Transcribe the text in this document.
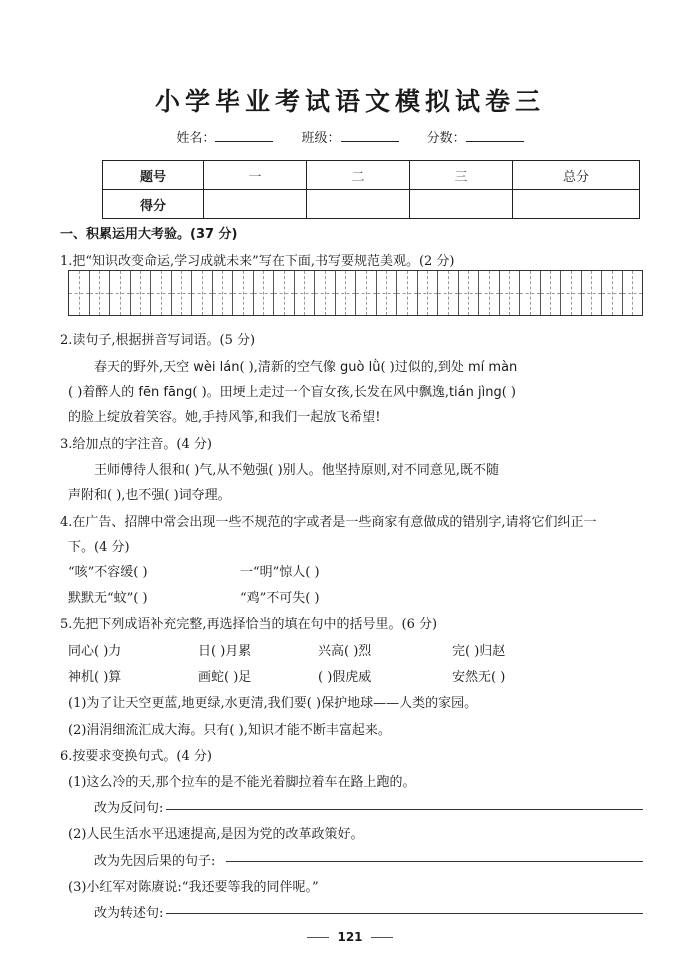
小学毕业考试语文模拟试卷三
姓名：	班级：	分数：
题号	一	二	三	总分
得分				
一、积累运用大考验。(37 分)
1.把“知识改变命运,学习成就未来”写在下面,书写要规范美观。(2 分)
2.读句子,根据拼音写词语。(5 分)
春天的野外,天空 wèi lán( ),清新的空气像 guò lǜ( )过似的,到处 mí màn
( )着醉人的 fēn fāng( )。田埂上走过一个盲女孩,长发在风中飘逸,tián jìng( )
的脸上绽放着笑容。她,手持风筝,和我们一起放飞希望!
3.给加点的字注音。(4 分)
王师傅待人很和( )气,从不勉强( )别人。他坚持原则,对不同意见,既不随
声附和( ),也不强( )词夺理。
4.在广告、招牌中常会出现一些不规范的字或者是一些商家有意做成的错别字,请将它们纠正一
下。(4 分)
“咳”不容缓( )	一“明”惊人( )
默默无“蚊”( )	“鸡”不可失( )
5.先把下列成语补充完整,再选择恰当的填在句中的括号里。(6 分)
同心( )力	日( )月累	兴高( )烈	完( )归赵
神机( )算	画蛇( )足	( )假虎威	安然无( )
(1)为了让天空更蓝,地更绿,水更清,我们要( )保护地球——人类的家园。
(2)涓涓细流汇成大海。只有( ),知识才能不断丰富起来。
6.按要求变换句式。(4 分)
(1)这么冷的天,那个拉车的是不能光着脚拉着车在路上跑的。
改为反问句:
(2)人民生活水平迅速提高,是因为党的改革政策好。
改为先因后果的句子:
(3)小红军对陈赓说:“我还要等我的同伴呢。”
改为转述句:
121
